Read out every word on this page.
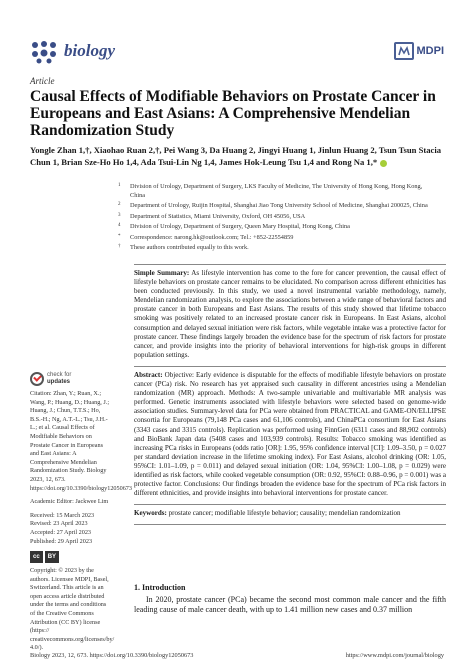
biology	MDPI
Article
Causal Effects of Modifiable Behaviors on Prostate Cancer in Europeans and East Asians: A Comprehensive Mendelian Randomization Study
Yongle Zhan 1,†, Xiaohao Ruan 2,†, Pei Wang 3, Da Huang 2, Jingyi Huang 1, Jinlun Huang 2, Tsun Tsun Stacia Chun 1, Brian Sze-Ho Ho 1,4, Ada Tsui-Lin Ng 1,4, James Hok-Leung Tsu 1,4 and Rong Na 1,*
1 Division of Urology, Department of Surgery, LKS Faculty of Medicine, The University of Hong Kong, Hong Kong, China
2 Department of Urology, Ruijin Hospital, Shanghai Jiao Tong University School of Medicine, Shanghai 200025, China
3 Department of Statistics, Miami University, Oxford, OH 45056, USA
4 Division of Urology, Department of Surgery, Queen Mary Hospital, Hong Kong, China
* Correspondence: narong.hk@outlook.com; Tel.: +852-22554859
† These authors contributed equally to this work.

Simple Summary: As lifestyle intervention has come to the fore for cancer prevention, the causal effect of lifestyle behaviors on prostate cancer remains to be elucidated. No comparison across different ethnicities has been conducted previously. In this study, we used a novel instrumental variable methodology, namely, Mendelian randomization analysis, to explore the associations between a wide range of behavioral factors and prostate cancer in both Europeans and East Asians. The results of this study showed that lifetime tobacco smoking was positively related to an increased prostate cancer risk in Europeans. In East Asians, alcohol consumption and delayed sexual initiation were risk factors, while vegetable intake was a protective factor for prostate cancer. These findings largely broaden the evidence base for the spectrum of risk factors for prostate cancer, and provide insights into the priority of behavioral interventions for high-risk groups in different population settings.

Abstract: Objective: Early evidence is disputable for the effects of modifiable lifestyle behaviors on prostate cancer (PCa) risk. No research has yet appraised such causality in different ancestries using a Mendelian randomization (MR) approach. Methods: A two-sample univariable and multivariable MR analysis was performed. Genetic instruments associated with lifestyle behaviors were selected based on genome-wide association studies. Summary-level data for PCa were obtained from PRACTICAL and GAME-ON/ELLIPSE consortia for Europeans (79,148 PCa cases and 61,106 controls), and ChinaPCa consortium for East Asians (3343 cases and 3315 controls). Replication was performed using FinnGen (6311 cases and 88,902 controls) and BioBank Japan data (5408 cases and 103,939 controls). Results: Tobacco smoking was identified as increasing PCa risks in Europeans (odds ratio [OR]: 1.95, 95% confidence interval [CI]: 1.09–3.50, p = 0.027 per standard deviation increase in the lifetime smoking index). For East Asians, alcohol drinking (OR: 1.05, 95%CI: 1.01–1.09, p = 0.011) and delayed sexual initiation (OR: 1.04, 95%CI: 1.00–1.08, p = 0.029) were identified as risk factors, while cooked vegetable consumption (OR: 0.92, 95%CI: 0.88–0.96, p = 0.001) was a protective factor. Conclusions: Our findings broaden the evidence base for the spectrum of PCa risk factors in different ethnicities, and provide insights into behavioral interventions for prostate cancer.

Keywords: prostate cancer; modifiable lifestyle behavior; causality; mendelian randomization

check for
updates
Citation: Zhan, Y.; Ruan, X.; Wang, P.; Huang, D.; Huang, J.; Huang, J.; Chun, T.T.S.; Ho, B.S.-H.; Ng, A.T.-L.; Tsu, J.H.-L.; et al. Causal Effects of Modifiable Behaviors on Prostate Cancer in Europeans and East Asians: A Comprehensive Mendelian Randomization Study. Biology 2023, 12, 673. https://doi.org/10.3390/biology12050673
Academic Editor: Jackwee Lim
Received: 15 March 2023
Revised: 23 April 2023
Accepted: 27 April 2023
Published: 29 April 2023
cc	BY
Copyright: © 2023 by the authors. Licensee MDPI, Basel, Switzerland. This article is an open access article distributed under the terms and conditions of the Creative Commons Attribution (CC BY) license (https:// creativecommons.org/licenses/by/ 4.0/).
1. Introduction
In 2020, prostate cancer (PCa) became the second most common male cancer and the fifth leading cause of male cancer death, with up to 1.41 million new cases and 0.37 million
Biology 2023, 12, 673. https://doi.org/10.3390/biology12050673	https://www.mdpi.com/journal/biology
